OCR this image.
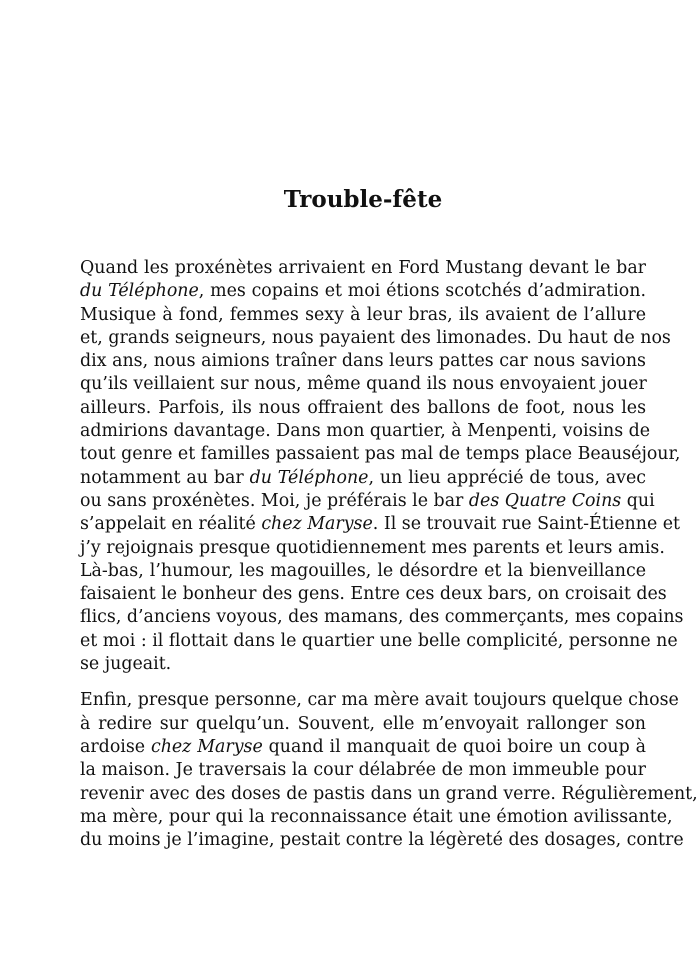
Trouble-fête
Quand les proxénètes arrivaient en Ford Mustang devant le bar
du Téléphone, mes copains et moi étions scotchés d’admiration.
Musique à fond, femmes sexy à leur bras, ils avaient de l’allure
et, grands seigneurs, nous payaient des limonades. Du haut de nos
dix ans, nous aimions traîner dans leurs pattes car nous savions
qu’ils veillaient sur nous, même quand ils nous envoyaient jouer
ailleurs. Parfois, ils nous offraient des ballons de foot, nous les
admirions davantage. Dans mon quartier, à Menpenti, voisins de
tout genre et familles passaient pas mal de temps place Beauséjour,
notamment au bar du Téléphone, un lieu apprécié de tous, avec
ou sans proxénètes. Moi, je préférais le bar des Quatre Coins qui
s’appelait en réalité chez Maryse. Il se trouvait rue Saint-Étienne et
j’y rejoignais presque quotidiennement mes parents et leurs amis.
Là-bas, l’humour, les magouilles, le désordre et la bienveillance
faisaient le bonheur des gens. Entre ces deux bars, on croisait des
flics, d’anciens voyous, des mamans, des commerçants, mes copains
et moi : il flottait dans le quartier une belle complicité, personne ne
se jugeait.
Enfin, presque personne, car ma mère avait toujours quelque chose
à redire sur quelqu’un. Souvent, elle m’envoyait rallonger son
ardoise chez Maryse quand il manquait de quoi boire un coup à
la maison. Je traversais la cour délabrée de mon immeuble pour
revenir avec des doses de pastis dans un grand verre. Régulièrement,
ma mère, pour qui la reconnaissance était une émotion avilissante,
du moins je l’imagine, pestait contre la légèreté des dosages, contre
